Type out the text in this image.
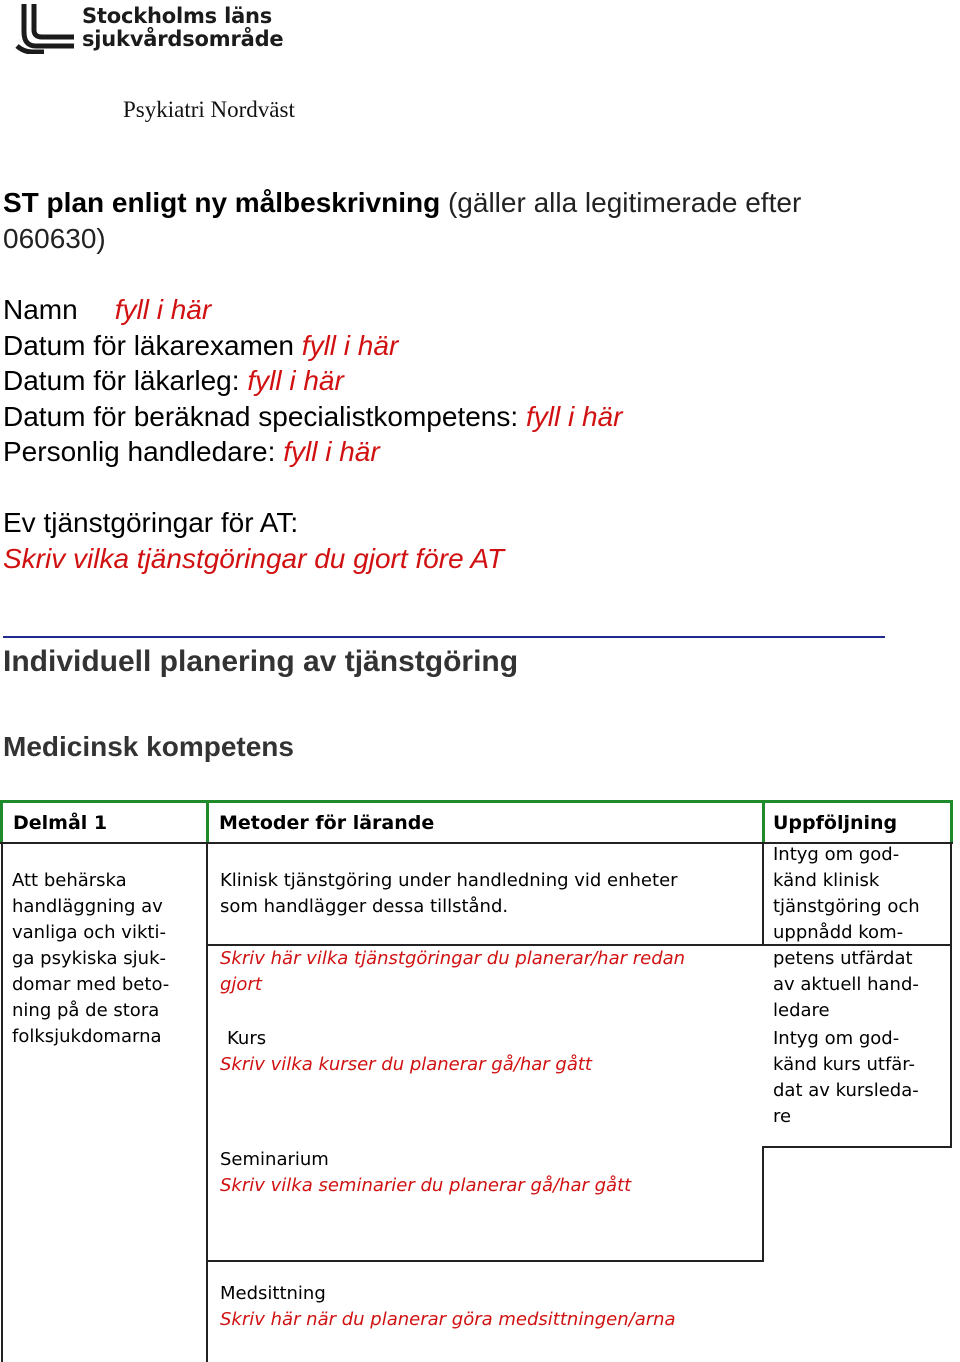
Stockholms läns
sjukvårdsområde
Psykiatri Nordväst
ST plan enligt ny målbeskrivning (gäller alla legitimerade efter 060630)
Namn fyll i här
Datum för läkarexamen fyll i här
Datum för läkarleg: fyll i här
Datum för beräknad specialistkompetens: fyll i här
Personlig handledare: fyll i här
Ev tjänstgöringar för AT:
Skriv vilka tjänstgöringar du gjort före AT
Individuell planering av tjänstgöring
Medicinsk kompetens
Delmål 1	Metoder för lärande	Uppföljning
Att behärska
handläggning av
vanliga och vikti-
ga psykiska sjuk-
domar med beto-
ning på de stora
folksjukdomarna
Klinisk tjänstgöring under handledning vid enheter
som handlägger dessa tillstånd.
Skriv här vilka tjänstgöringar du planerar/har redan
gjort
Kurs
Skriv vilka kurser du planerar gå/har gått
Seminarium
Skriv vilka seminarier du planerar gå/har gått
Medsittning
Skriv här när du planerar göra medsittningen/arna
Intyg om god-
känd klinisk
tjänstgöring och
uppnådd kom-
petens utfärdat
av aktuell hand-
ledare
Intyg om god-
känd kurs utfär-
dat av kursleda-
re
